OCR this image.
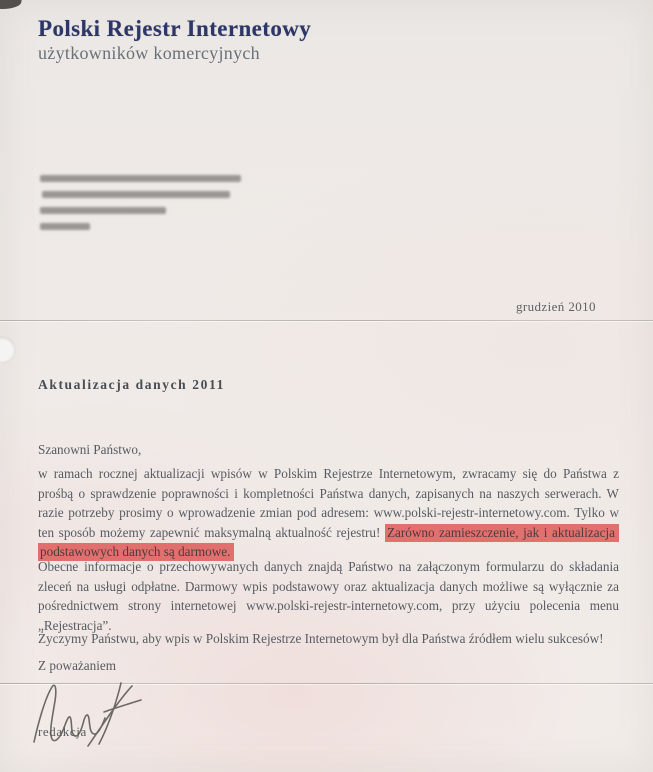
Polski Rejestr Internetowy
użytkowników komercyjnych
grudzień 2010
Aktualizacja danych 2011
Szanowni Państwo,
w ramach rocznej aktualizacji wpisów w Polskim Rejestrze Internetowym, zwracamy się do Państwa z prośbą o sprawdzenie poprawności i kompletności Państwa danych, zapisanych na naszych serwerach. W razie potrzeby prosimy o wprowadzenie zmian pod adresem: www.polski-rejestr-internetowy.com. Tylko w ten sposób możemy zapewnić maksymalną aktualność rejestru! Zarówno zamieszczenie, jak i aktualizacja podstawowych danych są darmowe.
Obecne informacje o przechowywanych danych znajdą Państwo na załączonym formularzu do składania zleceń na usługi odpłatne. Darmowy wpis podstawowy oraz aktualizacja danych możliwe są wyłącznie za pośrednictwem strony internetowej www.polski-rejestr-internetowy.com, przy użyciu polecenia menu „Rejestracja”.
Życzymy Państwu, aby wpis w Polskim Rejestrze Internetowym był dla Państwa źródłem wielu sukcesów!
Z poważaniem
redakcja
